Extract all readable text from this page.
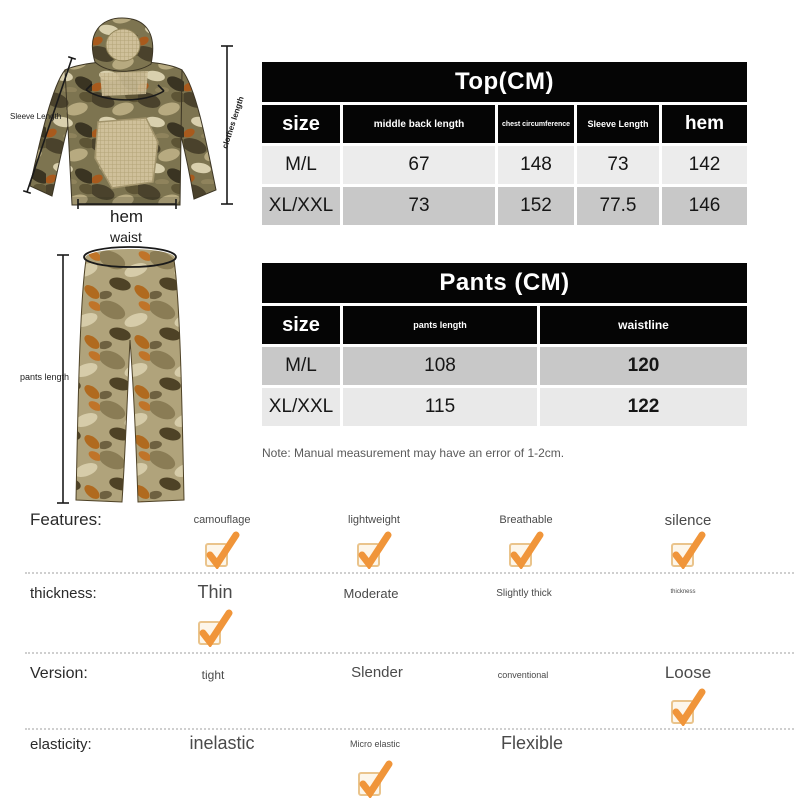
Sleeve Length	clothes length
hem
waist
pants length
Top(CM)
size	middle back length	chest circumference	Sleeve Length	hem
M/L	67	148	73	142
XL/XXL	73	152	77.5	146
Pants (CM)
size	pants length	waistline
M/L	108	120
XL/XXL	115	122
Note: Manual measurement may have an error of 1-2cm.
Features:	camouflage	lightweight	Breathable	silence
thickness:	Thin	Moderate	Slightly thick	thickness
Version:	tight	Slender	conventional	Loose
elasticity:	inelastic	Micro elastic	Flexible
